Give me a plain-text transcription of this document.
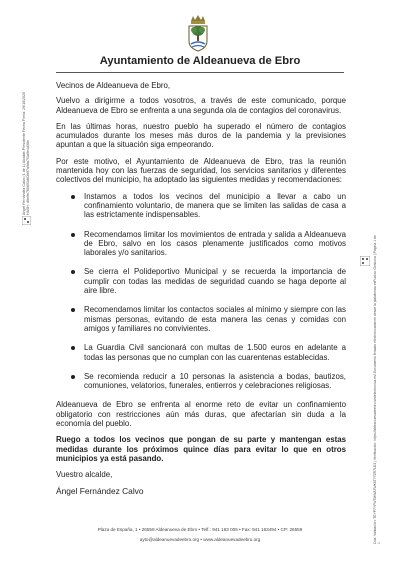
Ayuntamiento de Aldeanueva de Ebro

Vecinos de Aldeanueva de Ebro,

Vuelvo a dirigirme a todos vosotros, a través de este comunicado, porque Aldeanueva de Ebro se enfrenta a una segunda ola de contagios del coronavirus.

En las últimas horas, nuestro pueblo ha superado el número de contagios acumulados durante los meses más duros de la pandemia y la previsiones apuntan a que la situación siga empeorando.

Por este motivo, el Ayuntamiento de Aldeanueva de Ebro, tras la reunión mantenida hoy con las fuerzas de seguridad, los servicios sanitarios y diferentes colectivos del municipio, ha adoptado las siguientes medidas y recomendaciones:

Instamos a todos los vecinos del municipio a llevar a cabo un confinamiento voluntario, de manera que se limiten las salidas de casa a las estrictamente indispensables.
Recomendamos limitar los movimientos de entrada y salida a Aldeanueva de Ebro, salvo en los casos plenamente justificados como motivos laborales y/o sanitarios.
Se cierra el Polideportivo Municipal y se recuerda la importancia de cumplir con todas las medidas de seguridad cuando se haga deporte al aire libre.
Recomendamos limitar los contactos sociales al mínimo y siempre con las mismas personas, evitando de esta manera las cenas y comidas con amigos y familiares no convivientes.
La Guardia Civil sancionará con multas de 1.500 euros en adelante a todas las personas que no cumplan con las cuarentenas establecidas.
Se recomienda reducir a 10 personas la asistencia a bodas, bautizos, comuniones, velatorios, funerales, entierros y celebraciones religiosas.

Aldeanueva de Ebro se enfrenta al enorme reto de evitar un confinamiento obligatorio con restricciones aún más duras, que afectarían sin duda a la economía del pueblo.

Ruego a todos los vecinos que pongan de su parte y mantengan estas medidas durante los próximos quince días para evitar lo que en otros municipios ya está pasando.

Vuestro alcalde,

Ángel Fernández Calvo

Plaza de España, 1 • 26559 Aldeanueva de Ebro • Telf.: 941 163 005 • Fax: 941 163494 • CP: 26559
ayto@aldeanuevadeebro.org • www.aldeanuevadeebro.org
Ángel Fernández Calvo (1 de 1) Alcalde-Presidente Fecha Firma: 29/10/2020 HASH: d0e9e760603d63b97a9da7f1a9e4d36e
Cód. Validación: 7EYP7YFW7MWA7WK6T77ZR7LD3 | Verificación: https://aldeanuevadeebro.sedelectronica.es/ Documento firmado electrónicamente desde la plataforma esPublico Gestiona | Página 1 de 1
